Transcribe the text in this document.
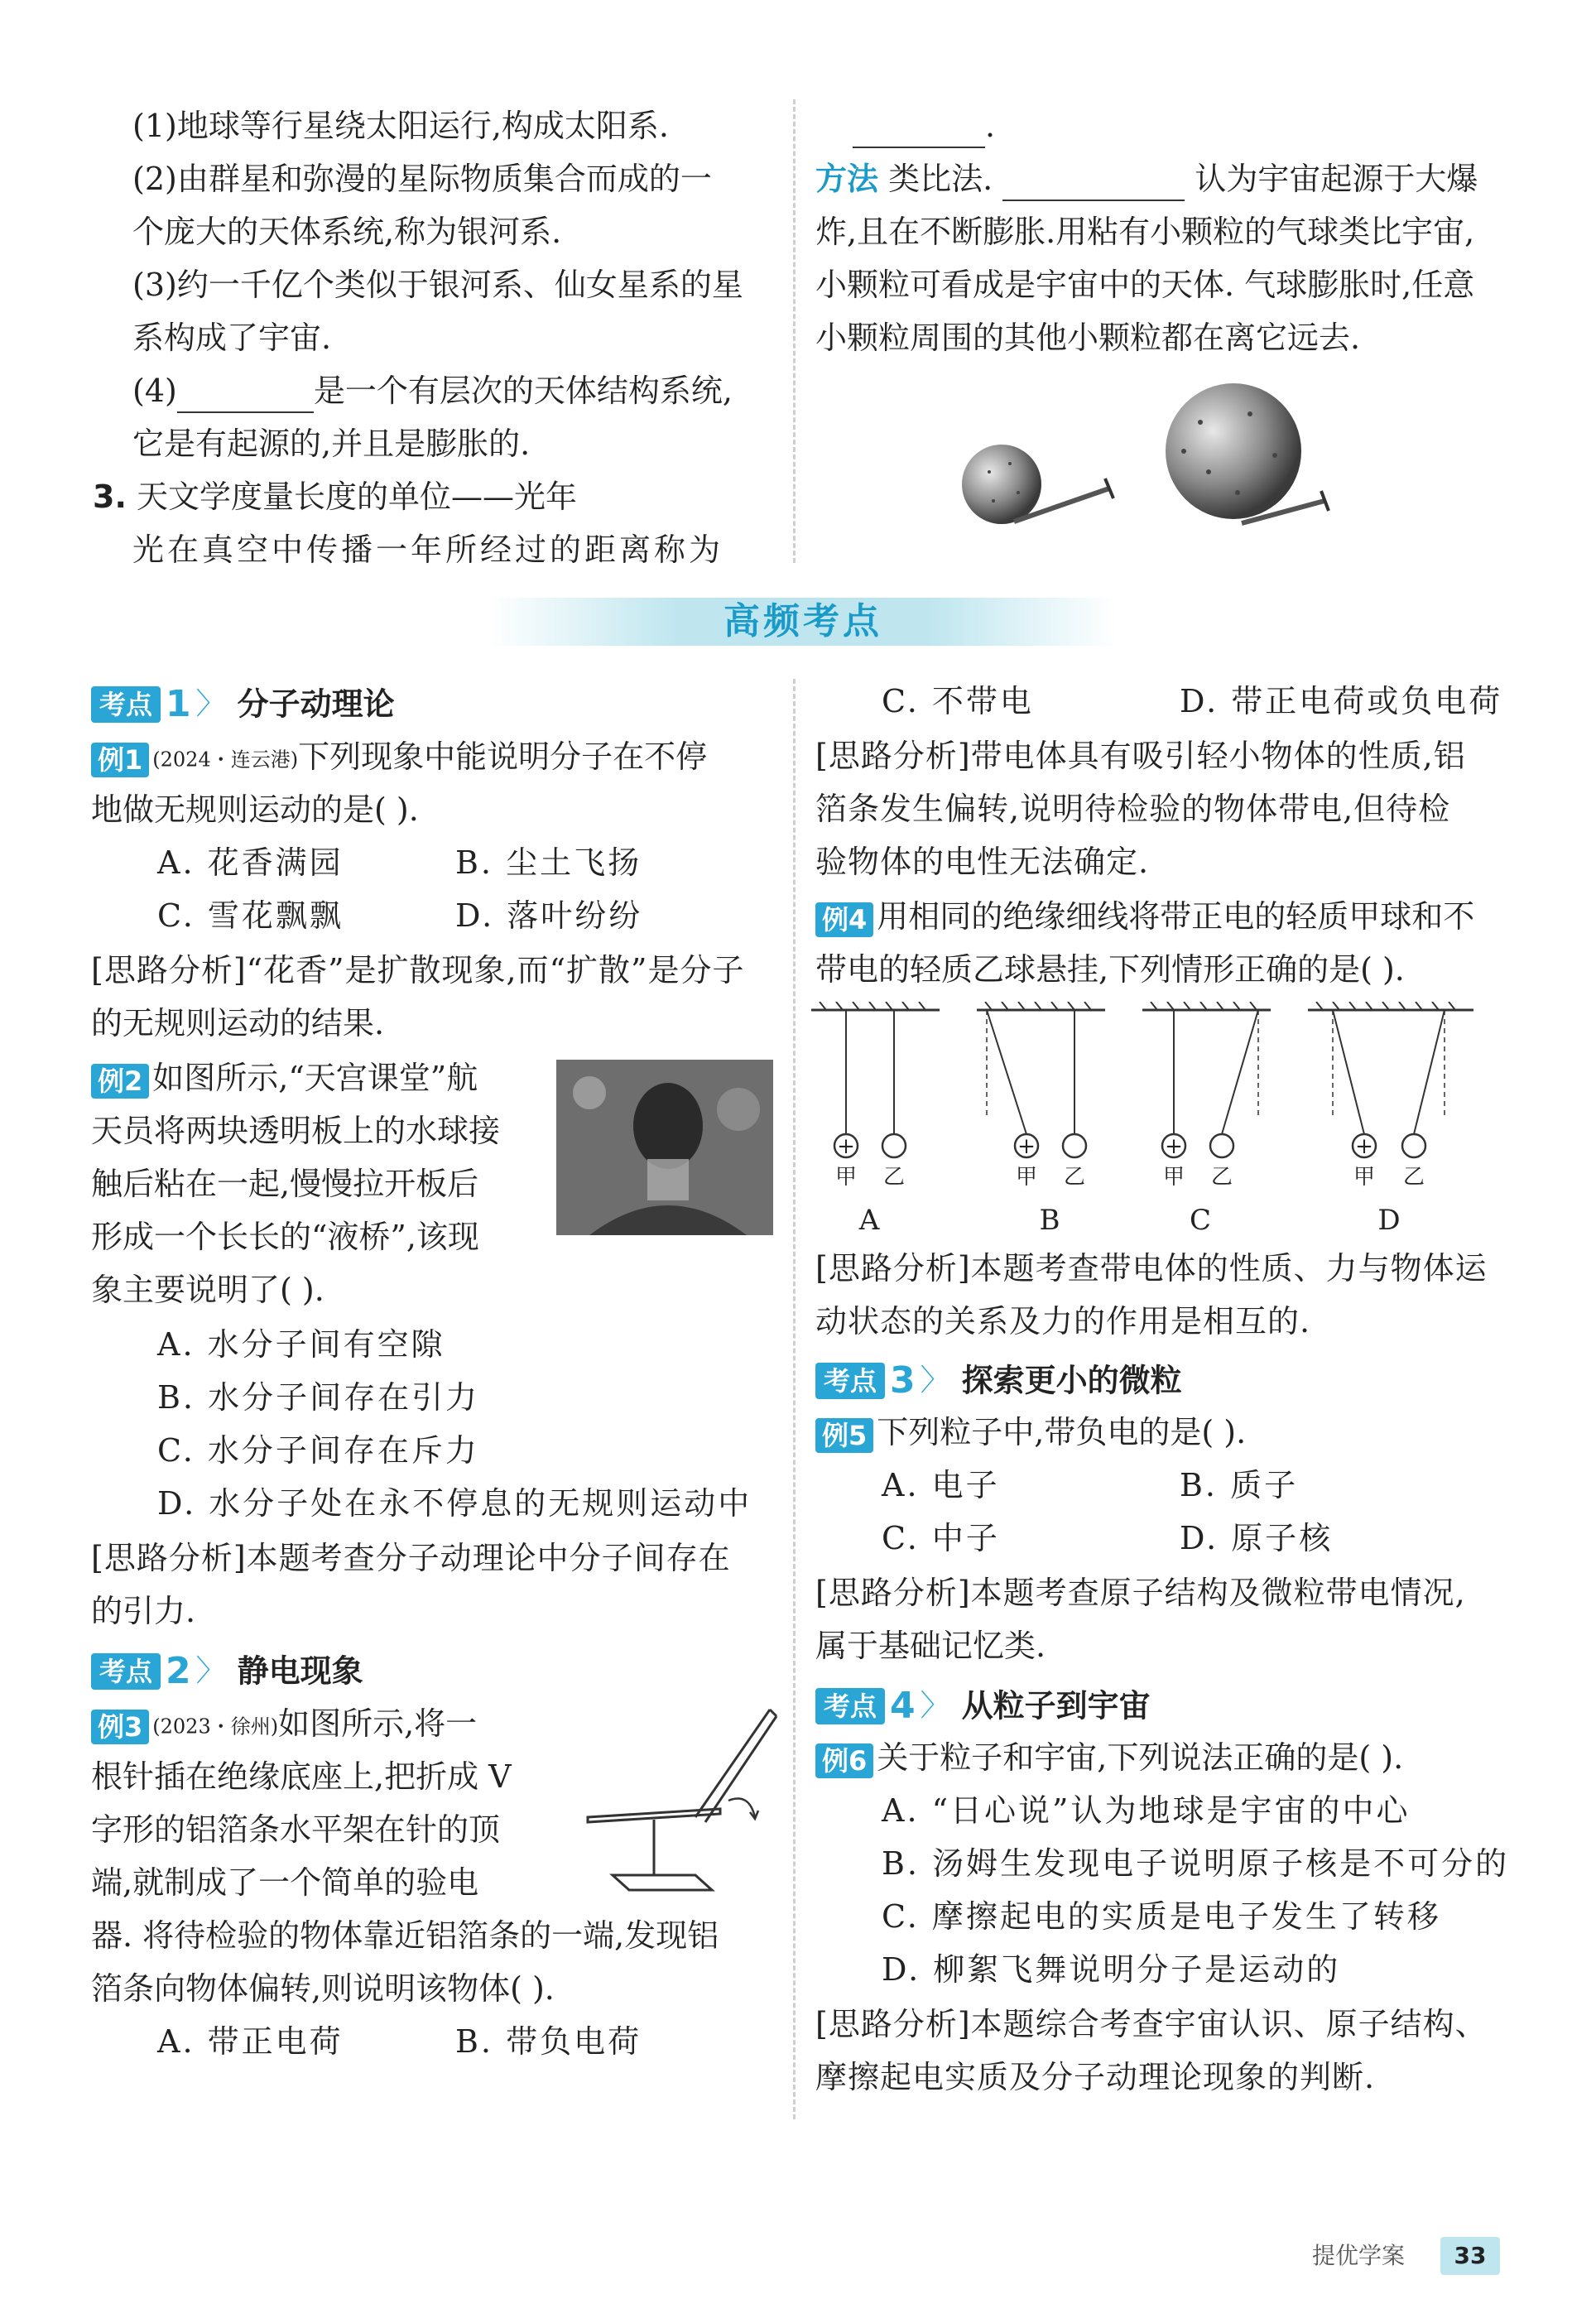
(1)地球等行星绕太阳运行,构成太阳系.
(2)由群星和弥漫的星际物质集合而成的一
个庞大的天体系统,称为银河系.
(3)约一千亿个类似于银河系、仙女星系的星
系构成了宇宙.
(4)	是一个有层次的天体结构系统,
它是有起源的,并且是膨胀的.
3. 天文学度量长度的单位——光年
光在真空中传播一年所经过的距离称为
.
方法 类比法.	认为宇宙起源于大爆
炸,且在不断膨胀.用粘有小颗粒的气球类比宇宙,
小颗粒可看成是宇宙中的天体. 气球膨胀时,任意
小颗粒周围的其他小颗粒都在离它远去.
高频考点
考点 1 〉 分子动理论
例1 (2024・连云港)下列现象中能说明分子在不停
地做无规则运动的是( ).
A. 花香满园	B. 尘土飞扬
C. 雪花飘飘	D. 落叶纷纷
[思路分析]“花香”是扩散现象,而“扩散”是分子
的无规则运动的结果.
例2 如图所示,“天宫课堂”航
天员将两块透明板上的水球接
触后粘在一起,慢慢拉开板后
形成一个长长的“液桥”,该现
象主要说明了( ).
A. 水分子间有空隙
B. 水分子间存在引力
C. 水分子间存在斥力
D. 水分子处在永不停息的无规则运动中
[思路分析]本题考查分子动理论中分子间存在
的引力.
考点 2 〉 静电现象
例3 (2023・徐州)如图所示,将一
根针插在绝缘底座上,把折成 V
字形的铝箔条水平架在针的顶
端,就制成了一个简单的验电
器. 将待检验的物体靠近铝箔条的一端,发现铝
箔条向物体偏转,则说明该物体( ).
A. 带正电荷	B. 带负电荷
C. 不带电	D. 带正电荷或负电荷
[思路分析]带电体具有吸引轻小物体的性质,铝
箔条发生偏转,说明待检验的物体带电,但待检
验物体的电性无法确定.
例4 用相同的绝缘细线将带正电的轻质甲球和不
带电的轻质乙球悬挂,下列情形正确的是( ).
+
甲 乙
A
+
甲 乙
B
+
甲 乙
C
+
甲 乙
D
[思路分析]本题考查带电体的性质、力与物体运
动状态的关系及力的作用是相互的.
考点 3 〉 探索更小的微粒
例5 下列粒子中,带负电的是( ).
A. 电子	B. 质子
C. 中子	D. 原子核
[思路分析]本题考查原子结构及微粒带电情况,
属于基础记忆类.
考点 4 〉 从粒子到宇宙
例6 关于粒子和宇宙,下列说法正确的是( ).
A. “日心说”认为地球是宇宙的中心
B. 汤姆生发现电子说明原子核是不可分的
C. 摩擦起电的实质是电子发生了转移
D. 柳絮飞舞说明分子是运动的
[思路分析]本题综合考查宇宙认识、原子结构、
摩擦起电实质及分子动理论现象的判断.
提优学案	33
